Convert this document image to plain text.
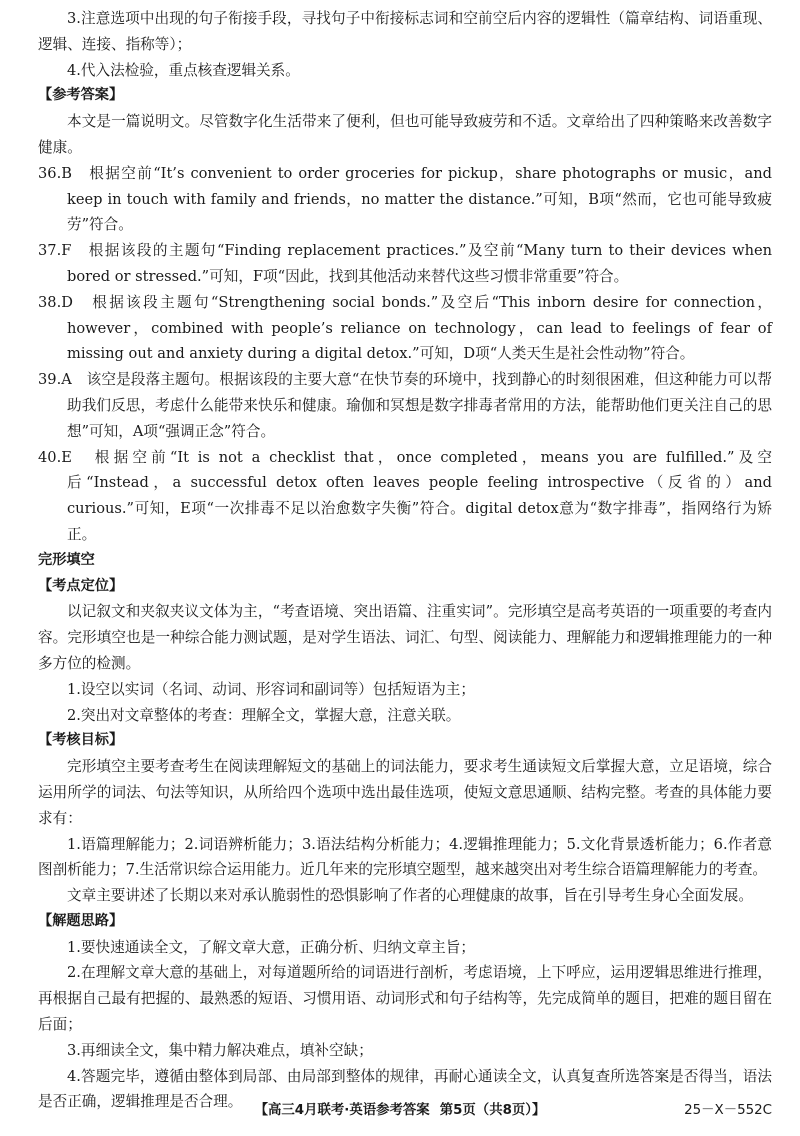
3.注意选项中出现的句子衔接手段，寻找句子中衔接标志词和空前空后内容的逻辑性（篇章结构、词语重现、逻辑、连接、指称等）；

4.代入法检验，重点核查逻辑关系。

【参考答案】

本文是一篇说明文。尽管数字化生活带来了便利，但也可能导致疲劳和不适。文章给出了四种策略来改善数字健康。

36.B　根据空前“It’s convenient to order groceries for pickup，share photographs or music，and keep in touch with family and friends，no matter the distance.”可知，B项“然而，它也可能导致疲劳”符合。

37.F　根据该段的主题句“Finding replacement practices.”及空前“Many turn to their devices when bored or stressed.”可知，F项“因此，找到其他活动来替代这些习惯非常重要”符合。

38.D　根据该段主题句“Strengthening social bonds.”及空后“This inborn desire for connection，however，combined with people’s reliance on technology，can lead to feelings of fear of missing out and anxiety during a digital detox.”可知，D项“人类天生是社会性动物”符合。

39.A　该空是段落主题句。根据该段的主要大意“在快节奏的环境中，找到静心的时刻很困难，但这种能力可以帮助我们反思，考虑什么能带来快乐和健康。瑜伽和冥想是数字排毒者常用的方法，能帮助他们更关注自己的思想”可知，A项“强调正念”符合。

40.E　根据空前“It is not a checklist that，once completed，means you are fulfilled.”及空后“Instead，a successful detox often leaves people feeling introspective（反省的）and curious.”可知，E项“一次排毒不足以治愈数字失衡”符合。digital detox意为“数字排毒”，指网络行为矫正。

完形填空

【考点定位】

以记叙文和夹叙夹议文体为主，“考查语境、突出语篇、注重实词”。完形填空是高考英语的一项重要的考查内容。完形填空也是一种综合能力测试题，是对学生语法、词汇、句型、阅读能力、理解能力和逻辑推理能力的一种多方位的检测。

1.设空以实词（名词、动词、形容词和副词等）包括短语为主；

2.突出对文章整体的考查：理解全文，掌握大意，注意关联。

【考核目标】

完形填空主要考查考生在阅读理解短文的基础上的词法能力，要求考生通读短文后掌握大意，立足语境，综合运用所学的词法、句法等知识，从所给四个选项中选出最佳选项，使短文意思通顺、结构完整。考查的具体能力要求有：

1.语篇理解能力；2.词语辨析能力；3.语法结构分析能力；4.逻辑推理能力；5.文化背景透析能力；6.作者意图剖析能力；7.生活常识综合运用能力。近几年来的完形填空题型，越来越突出对考生综合语篇理解能力的考查。

文章主要讲述了长期以来对承认脆弱性的恐惧影响了作者的心理健康的故事，旨在引导考生身心全面发展。

【解题思路】

1.要快速通读全文，了解文章大意，正确分析、归纳文章主旨；

2.在理解文章大意的基础上，对每道题所给的词语进行剖析，考虑语境，上下呼应，运用逻辑思维进行推理，再根据自己最有把握的、最熟悉的短语、习惯用语、动词形式和句子结构等，先完成简单的题目，把难的题目留在后面；

3.再细读全文，集中精力解决难点，填补空缺；

4.答题完毕，遵循由整体到局部、由局部到整体的规律，再耐心通读全文，认真复查所选答案是否得当，语法是否正确，逻辑推理是否合理。

【高三4月联考·英语参考答案 第5页（共8页）】	25－X－552C
